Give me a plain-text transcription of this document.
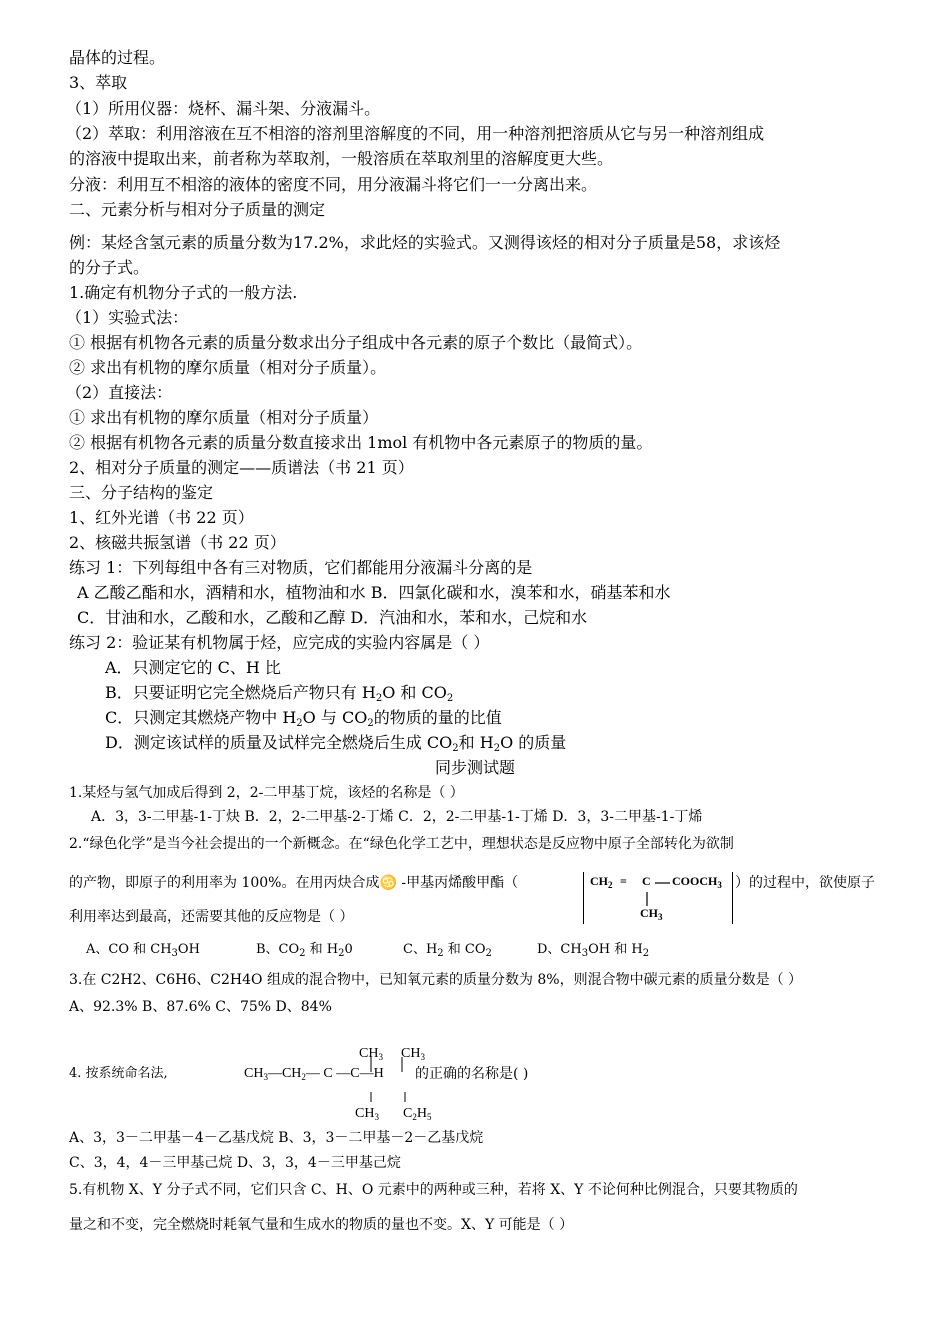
晶体的过程。
3、萃取
（1）所用仪器：烧杯、漏斗架、分液漏斗。
（2）萃取：利用溶液在互不相溶的溶剂里溶解度的不同，用一种溶剂把溶质从它与另一种溶剂组成
的溶液中提取出来，前者称为萃取剂，一般溶质在萃取剂里的溶解度更大些。
分液：利用互不相溶的液体的密度不同，用分液漏斗将它们一一分离出来。
二、元素分析与相对分子质量的测定
例：某烃含氢元素的质量分数为17.2%，求此烃的实验式。又测得该烃的相对分子质量是58，求该烃
的分子式。
1.确定有机物分子式的一般方法.
（1）实验式法：
① 根据有机物各元素的质量分数求出分子组成中各元素的原子个数比（最简式）。
② 求出有机物的摩尔质量（相对分子质量）。
（2）直接法：
① 求出有机物的摩尔质量（相对分子质量）
② 根据有机物各元素的质量分数直接求出 1mol 有机物中各元素原子的物质的量。
2、相对分子质量的测定——质谱法（书 21 页）
三、分子结构的鉴定
1、红外光谱（书 22 页）
2、核磁共振氢谱（书 22 页）
练习 1：下列每组中各有三对物质，它们都能用分液漏斗分离的是
A 乙酸乙酯和水，酒精和水，植物油和水 B．四氯化碳和水，溴苯和水，硝基苯和水
C．甘油和水，乙酸和水，乙酸和乙醇 D．汽油和水，苯和水，己烷和水
练习 2：验证某有机物属于烃，应完成的实验内容属是（ ）
A．只测定它的 C、H 比
B．只要证明它完全燃烧后产物只有 $H_2O$ 和 $CO_2$
C．只测定其燃烧产物中 $H_2O$ 与 $CO_2$的物质的量的比值
D．测定该试样的质量及试样完全燃烧后生成 $CO_2$和 $H_2O$ 的质量
同步测试题
1.某烃与氢气加成后得到 2，2-二甲基丁烷，该烃的名称是（ ）
A．3，3-二甲基-1-丁炔 B．2，2-二甲基-2-丁烯 C．2，2-二甲基-1-丁烯 D．3，3-二甲基-1-丁烯
2.“绿色化学”是当今社会提出的一个新概念。在“绿色化学工艺中，理想状态是反应物中原子全部转化为欲制
的产物，即原子的利用率为 100%。在用丙炔合成♋ -甲基丙烯酸甲酯（	）的过程中，欲使原子
$CH_2 = C$ $COOCH_3$
$CH_3$
利用率达到最高，还需要其他的反应物是（ ）
A、CO 和 $CH_3OH$	B、$CO_2$ 和 $H_20$	C、$H_2$ 和 $CO_2$	D、$CH_3OH$ 和 $H_2$
3.在 C2H2、C6H6、C2H4O 组成的混合物中，已知氧元素的质量分数为 8%，则混合物中碳元素的质量分数是（ ）
A、92.3% B、87.6% C、75% D、84%
4. 按系统命名法,	的正确的名称是( )
$CH_3$ $CH_3$
$CH_3—CH_2—$ C —C—H
$CH_3$ $C_2H_5$
A、3，3－二甲基－4－乙基戊烷 B、3，3－二甲基－2－乙基戊烷
C、3，4，4－三甲基己烷 D、3，3，4－三甲基己烷
5.有机物 X、Y 分子式不同，它们只含 C、H、O 元素中的两种或三种，若将 X、Y 不论何种比例混合，只要其物质的
量之和不变，完全燃烧时耗氧气量和生成水的物质的量也不变。X、Y 可能是（ ）
